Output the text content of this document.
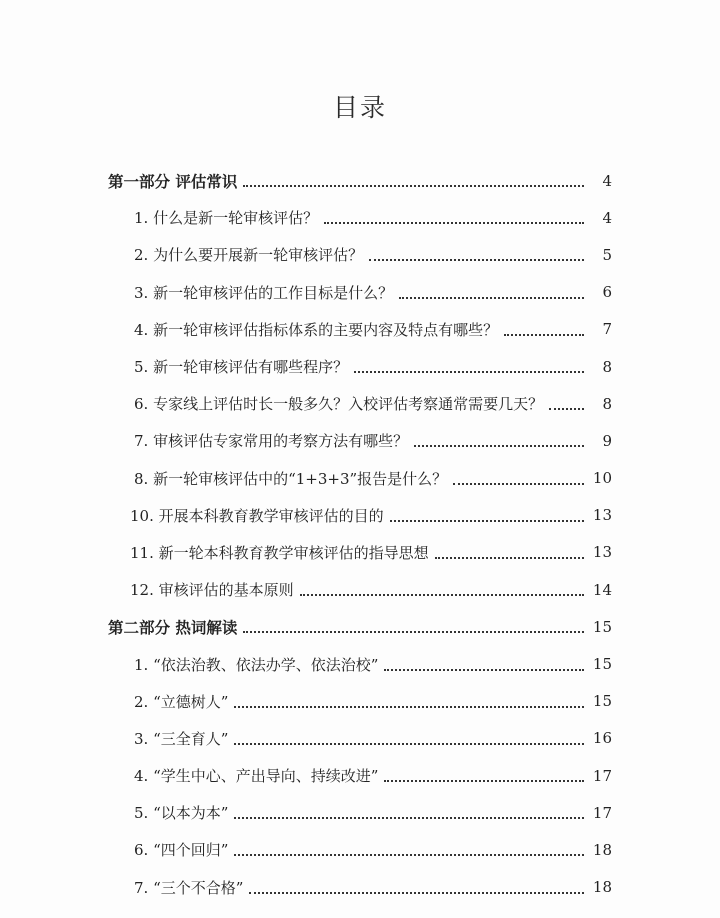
目录
第一部分 评估常识	4
1. 什么是新一轮审核评估？	4
2. 为什么要开展新一轮审核评估？	5
3. 新一轮审核评估的工作目标是什么？	6
4. 新一轮审核评估指标体系的主要内容及特点有哪些？	7
5. 新一轮审核评估有哪些程序？	8
6. 专家线上评估时长一般多久？入校评估考察通常需要几天？	8
7. 审核评估专家常用的考察方法有哪些？	9
8. 新一轮审核评估中的“1+3+3”报告是什么？	10
10. 开展本科教育教学审核评估的目的	13
11. 新一轮本科教育教学审核评估的指导思想	13
12. 审核评估的基本原则	14
第二部分 热词解读	15
1. “依法治教、依法办学、依法治校”	15
2. “立德树人”	15
3. “三全育人”	16
4. “学生中心、产出导向、持续改进”	17
5. “以本为本”	17
6. “四个回归”	18
7. “三个不合格”	18
